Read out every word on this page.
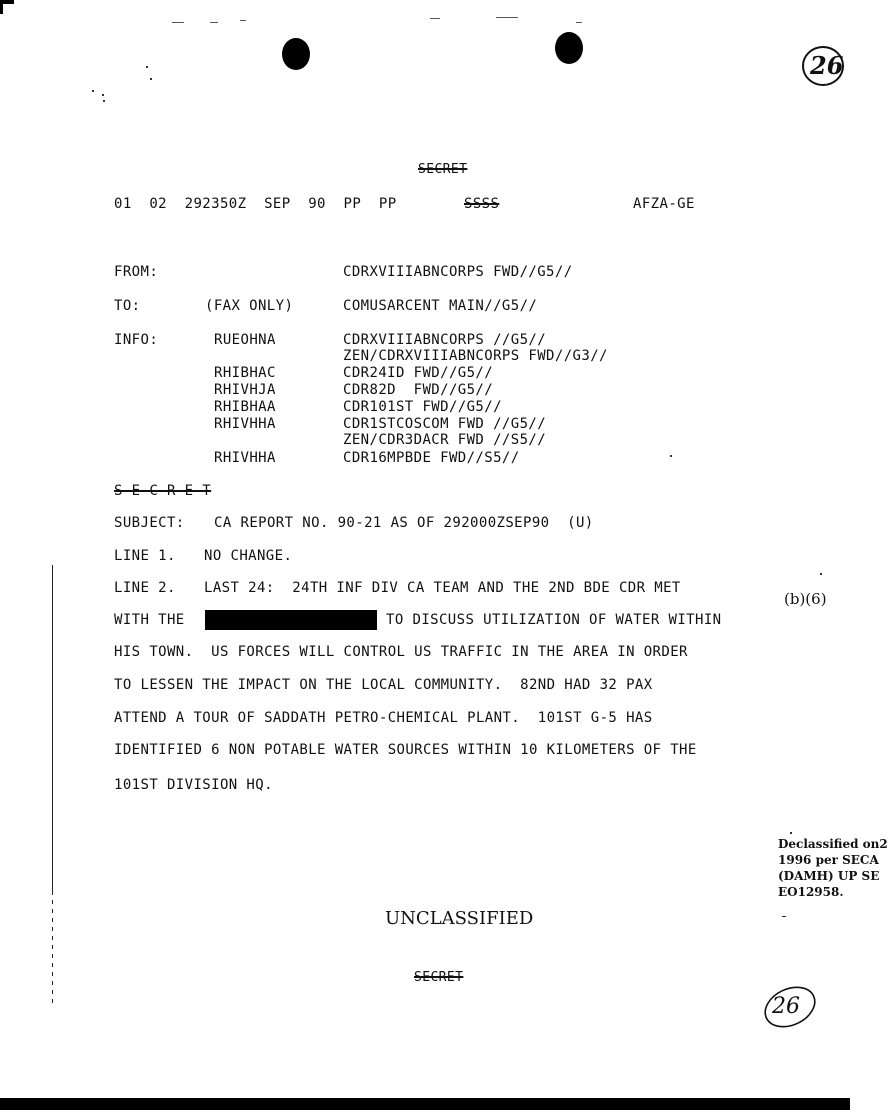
26
SECRET
01  02  292350Z  SEP  90  PP  PP	SSSS	AFZA-GE
FROM:	CDRXVIIIABNCORPS FWD//G5//
TO:	(FAX ONLY)	COMUSARCENT MAIN//G5//
INFO:	RUEOHNA	CDRXVIIIABNCORPS //G5//
ZEN/CDRXVIIIABNCORPS FWD//G3//
RHIBHAC	CDR24ID FWD//G5//
RHIVHJA	CDR82D  FWD//G5//
RHIBHAA	CDR101ST FWD//G5//
RHIVHHA	CDR1STCOSCOM FWD //G5//
ZEN/CDR3DACR FWD //S5//
RHIVHHA	CDR16MPBDE FWD//S5//
S-E-C-R-E-T
SUBJECT: CA REPORT NO. 90-21 AS OF 292000ZSEP90  (U)
LINE 1. NO CHANGE.
LINE 2. LAST 24:  24TH INF DIV CA TEAM AND THE 2ND BDE CDR MET
(b)(6)
WITH THE	TO DISCUSS UTILIZATION OF WATER WITHIN
HIS TOWN.  US FORCES WILL CONTROL US TRAFFIC IN THE AREA IN ORDER
TO LESSEN THE IMPACT ON THE LOCAL COMMUNITY.  82ND HAD 32 PAX
ATTEND A TOUR OF SADDATH PETRO-CHEMICAL PLANT.  101ST G-5 HAS
IDENTIFIED 6 NON POTABLE WATER SOURCES WITHIN 10 KILOMETERS OF THE
101ST DIVISION HQ.
Declassified on2
1996 per SECA
(DAMH) UP SE
EO12958.
UNCLASSIFIED
SECRET
26
